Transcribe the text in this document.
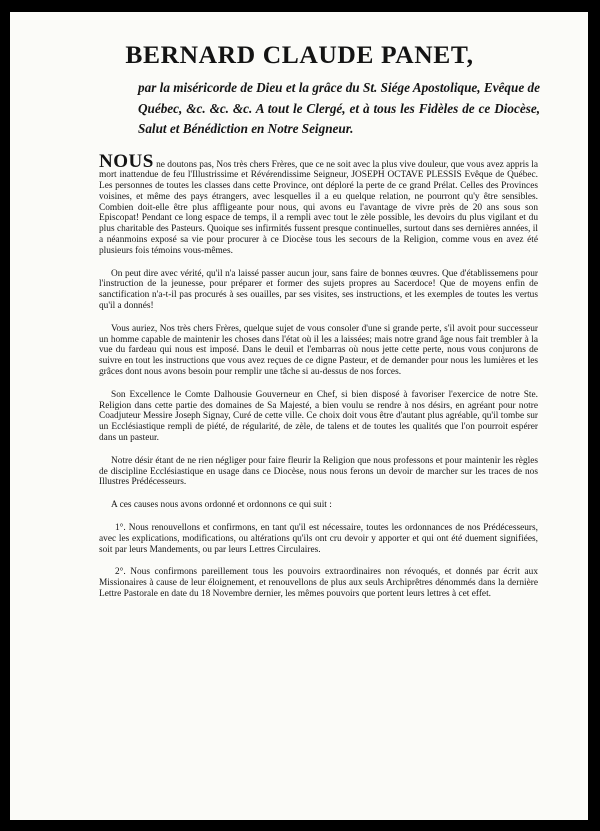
BERNARD CLAUDE PANET,
par la miséricorde de Dieu et la grâce du St. Siége Apostolique, Evêque de Québec, &c. &c. &c. A tout le Clergé, et à tous les Fidèles de ce Diocèse, Salut et Bénédiction en Notre Seigneur.

NOUS ne doutons pas, Nos très chers Frères, que ce ne soit avec la plus vive douleur, que vous avez appris la mort inattendue de feu l'Illustrissime et Révérendissime Seigneur, JOSEPH OCTAVE PLESSIS Evêque de Québec. Les personnes de toutes les classes dans cette Province, ont déploré la perte de ce grand Prélat. Celles des Provinces voisines, et même des pays étrangers, avec lesquelles il a eu quelque relation, ne pourront qu'y être sensibles. Combien doit-elle être plus affligeante pour nous, qui avons eu l'avantage de vivre près de 20 ans sous son Episcopat! Pendant ce long espace de temps, il a rempli avec tout le zèle possible, les devoirs du plus vigilant et du plus charitable des Pasteurs. Quoique ses infirmités fussent presque continuelles, surtout dans ses dernières années, il a néanmoins exposé sa vie pour procurer à ce Diocèse tous les secours de la Religion, comme vous en avez été plusieurs fois témoins vous-mêmes.

On peut dire avec vérité, qu'il n'a laissé passer aucun jour, sans faire de bonnes œuvres. Que d'établissemens pour l'instruction de la jeunesse, pour préparer et former des sujets propres au Sacerdoce! Que de moyens enfin de sanctification n'a-t-il pas procurés à ses ouailles, par ses visites, ses instructions, et les exemples de toutes les vertus qu'il a donnés!

Vous auriez, Nos très chers Frères, quelque sujet de vous consoler d'une si grande perte, s'il avoit pour successeur un homme capable de maintenir les choses dans l'état où il les a laissées; mais notre grand âge nous fait trembler à la vue du fardeau qui nous est imposé. Dans le deuil et l'embarras où nous jette cette perte, nous vous conjurons de suivre en tout les instructions que vous avez reçues de ce digne Pasteur, et de demander pour nous les lumières et les grâces dont nous avons besoin pour remplir une tâche si au-dessus de nos forces.

Son Excellence le Comte Dalhousie Gouverneur en Chef, si bien disposé à favoriser l'exercice de notre Ste. Religion dans cette partie des domaines de Sa Majesté, a bien voulu se rendre à nos désirs, en agréant pour notre Coadjuteur Messire Joseph Signay, Curé de cette ville. Ce choix doit vous être d'autant plus agréable, qu'il tombe sur un Ecclésiastique rempli de piété, de régularité, de zèle, de talens et de toutes les qualités que l'on pourroit espérer dans un pasteur.

Notre désir étant de ne rien négliger pour faire fleurir la Religion que nous professons et pour maintenir les règles de discipline Ecclésiastique en usage dans ce Diocèse, nous nous ferons un devoir de marcher sur les traces de nos Illustres Prédécesseurs.

A ces causes nous avons ordonné et ordonnons ce qui suit :

1°. Nous renouvellons et confirmons, en tant qu'il est nécessaire, toutes les ordonnances de nos Prédécesseurs, avec les explications, modifications, ou altérations qu'ils ont cru devoir y apporter et qui ont été duement signifiées, soit par leurs Mandements, ou par leurs Lettres Circulaires.

2°. Nous confirmons pareillement tous les pouvoirs extraordinaires non révoqués, et donnés par écrit aux Missionaires à cause de leur éloignement, et renouvellons de plus aux seuls Archiprêtres dénommés dans la dernière Lettre Pastorale en date du 18 Novembre dernier, les mêmes pouvoirs que portent leurs lettres à cet effet.
